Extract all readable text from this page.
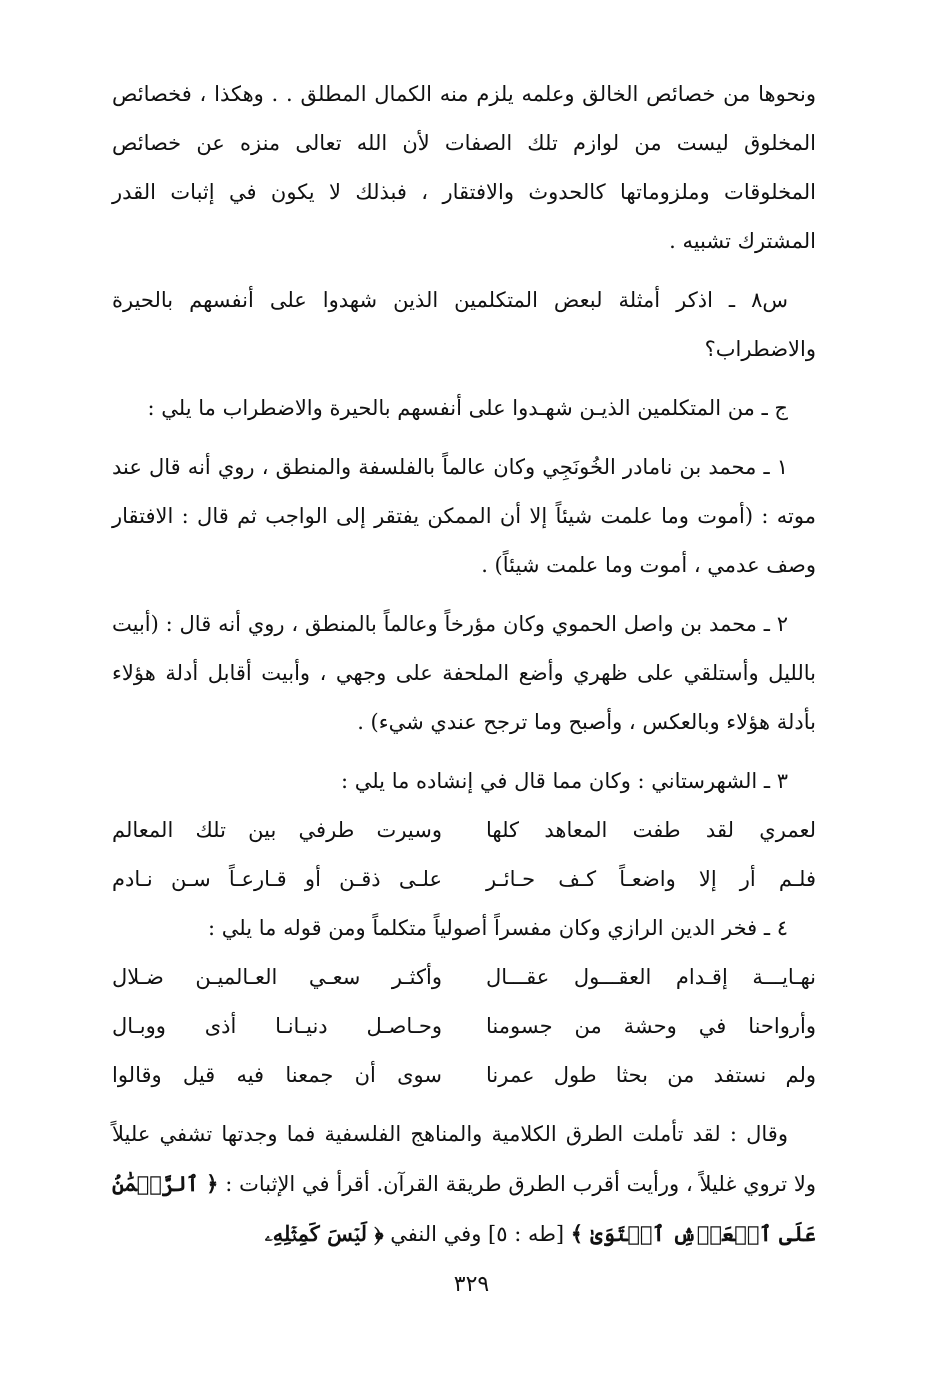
ونحوها من خصائص الخالق وعلمه يلزم منه الكمال المطلق . . وهكذا ، فخصائص المخلوق ليست من لوازم تلك الصفات لأن الله تعالى منزه عن خصائص المخلوقات وملزوماتها كالحدوث والافتقار ، فبذلك لا يكون في إثبات القدر المشترك تشبيه .

س٨ ـ اذكر أمثلة لبعض المتكلمين الذين شهدوا على أنفسهم بالحيرة والاضطراب؟

ج ـ من المتكلمين الذيـن شهـدوا على أنفسهم بالحيرة والاضطراب ما يلي :

١ ـ محمد بن نامادر الخُونَجِي وكان عالماً بالفلسفة والمنطق ، روي أنه قال عند موته : (أموت وما علمت شيئاً إلا أن الممكن يفتقر إلى الواجب ثم قال : الافتقار وصف عدمي ، أموت وما علمت شيئاً) .

٢ ـ محمد بن واصل الحموي وكان مؤرخاً وعالماً بالمنطق ، روي أنه قال : (أبيت بالليل وأستلقي على ظهري وأضع الملحفة على وجهي ، وأبيت أقابل أدلة هؤلاء بأدلة هؤلاء وبالعكس ، وأصبح وما ترجح عندي شيء) .

٣ ـ الشهرستاني : وكان مما قال في إنشاده ما يلي :

لعمري لقد طفت المعاهد كلها
وسيرت طرفي بين تلك المعالم
فلـم أر إلا واضعـاً كـف حـائـر
علـى ذقـن أو قـارعـاً سـن نـادم

٤ ـ فخر الدين الرازي وكان مفسراً أصولياً متكلماً ومن قوله ما يلي :

نهـايـــة إقـدام العقـــول عقـــال
وأكثـر سعـي العـالميـن ضـلال
وأرواحنا في وحشة من جسومنا
وحـاصـل دنيـانـا أذى ووبـال
ولم نستفد من بحثا طول عمرنا
سوى أن جمعنا فيه قيل وقالوا

وقال : لقد تأملت الطرق الكلامية والمناهج الفلسفية فما وجدتها تشفي عليلاً ولا تروي غليلاً ، ورأيت أقرب الطرق طريقة القرآن. أقرأ في الإثبات : ﴿ ٱلرَّحۡمَٰنُ عَلَى ٱلۡعَرۡشِ ٱسۡتَوَىٰ ﴾ [طه : ٥] وفي النفي ﴿ لَيۡسَ كَمِثۡلِهِۦ

٣٢٩
